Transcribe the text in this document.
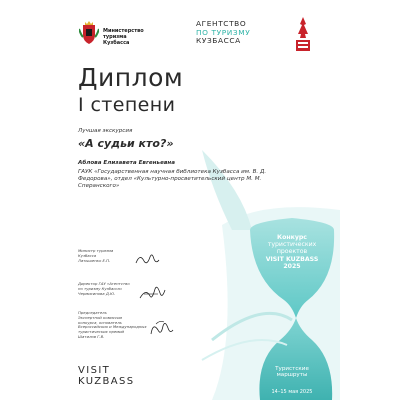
Министерство туризма
Кузбасса
АГЕНТСТВО
ПО ТУРИЗМУ
КУЗБАССА
Диплом
I степени
Лучшая экскурсия
«А судьи кто?»
Аблова Елизавета Евгеньевна
ГАУК «Государственная научная библиотека Кузбасса им. В. Д. Федорова», отдел «Культурно-просветительский центр М. М. Сперанского»
Министр туризма
Кузбасса
Латышенко Е.П.
Директор ГАУ «Агентство
по туризму Кузбасса»
Чермисинова Д.Ю.
Председатель
Экспертной комиссии
конкурса, основатель
Всероссийских и Международных
туристических премий
Шатилов Г.В.
VISIT
KUZBASS
Конкурс
туристических
проектов
VISIT KUZBASS
2025
Туристские
маршруты
14–15 мая 2025
